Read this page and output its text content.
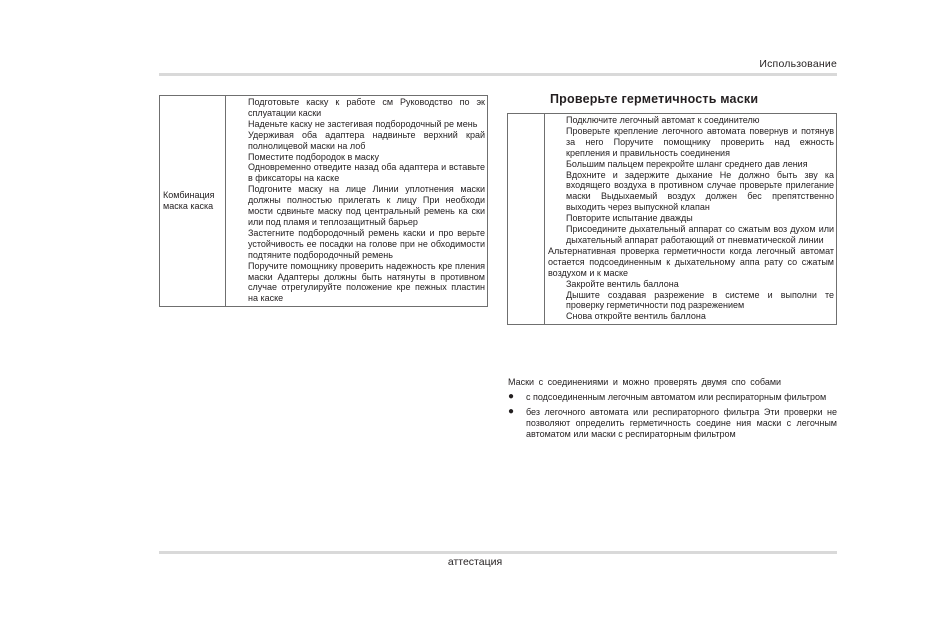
Использование
Комбинация маска каска
Подготовьте каску к работе см Руководство по эк сплуатации каски
Наденьте каску не застегивая подбородочный ре мень
Удерживая оба адаптера надвиньте верхний край полнолицевой маски на лоб
Поместите подбородок в маску
Одновременно отведите назад оба адаптера и вставьте в фиксаторы на каске
Подгоните маску на лице Линии уплотнения маски должны полностью прилегать к лицу При необходи мости сдвиньте маску под центральный ремень ка ски или под пламя и теплозащитный барьер
Застегните подбородочный ремень каски и про верьте устойчивость ее посадки на голове при не обходимости подтяните подбородочный ремень
Поручите помощнику проверить надежность кре пления маски Адаптеры должны быть натянуты в противном случае отрегулируйте положение кре пежных пластин на каске
Проверьте герметичность маски
Подключите легочный автомат к соединителю
Проверьте крепление легочного автомата повернув и потянув за него Поручите помощнику проверить над ежность крепления и правильность соединения
Большим пальцем перекройте шланг среднего дав ления
Вдохните и задержите дыхание Не должно быть зву ка входящего воздуха в противном случае проверьте прилегание маски Выдыхаемый воздух должен бес препятственно выходить через выпускной клапан
Повторите испытание дважды
Присоедините дыхательный аппарат со сжатым воз духом или дыхательный аппарат работающий от пневматической линии
Альтернативная проверка герметичности когда легочный автомат остается подсоединенным к дыхательному аппа рату со сжатым воздухом и к маске
Закройте вентиль баллона
Дышите создавая разрежение в системе и выполни те проверку герметичности под разрежением
Снова откройте вентиль баллона
Маски с соединениями и можно проверять двумя спо собами
● с подсоединенным легочным автоматом или респираторным фильтром
● без легочного автомата или респираторного фильтра Эти проверки не позволяют определить герметичность соедине ния маски с легочным автоматом или маски с респираторным фильтром
аттестация
